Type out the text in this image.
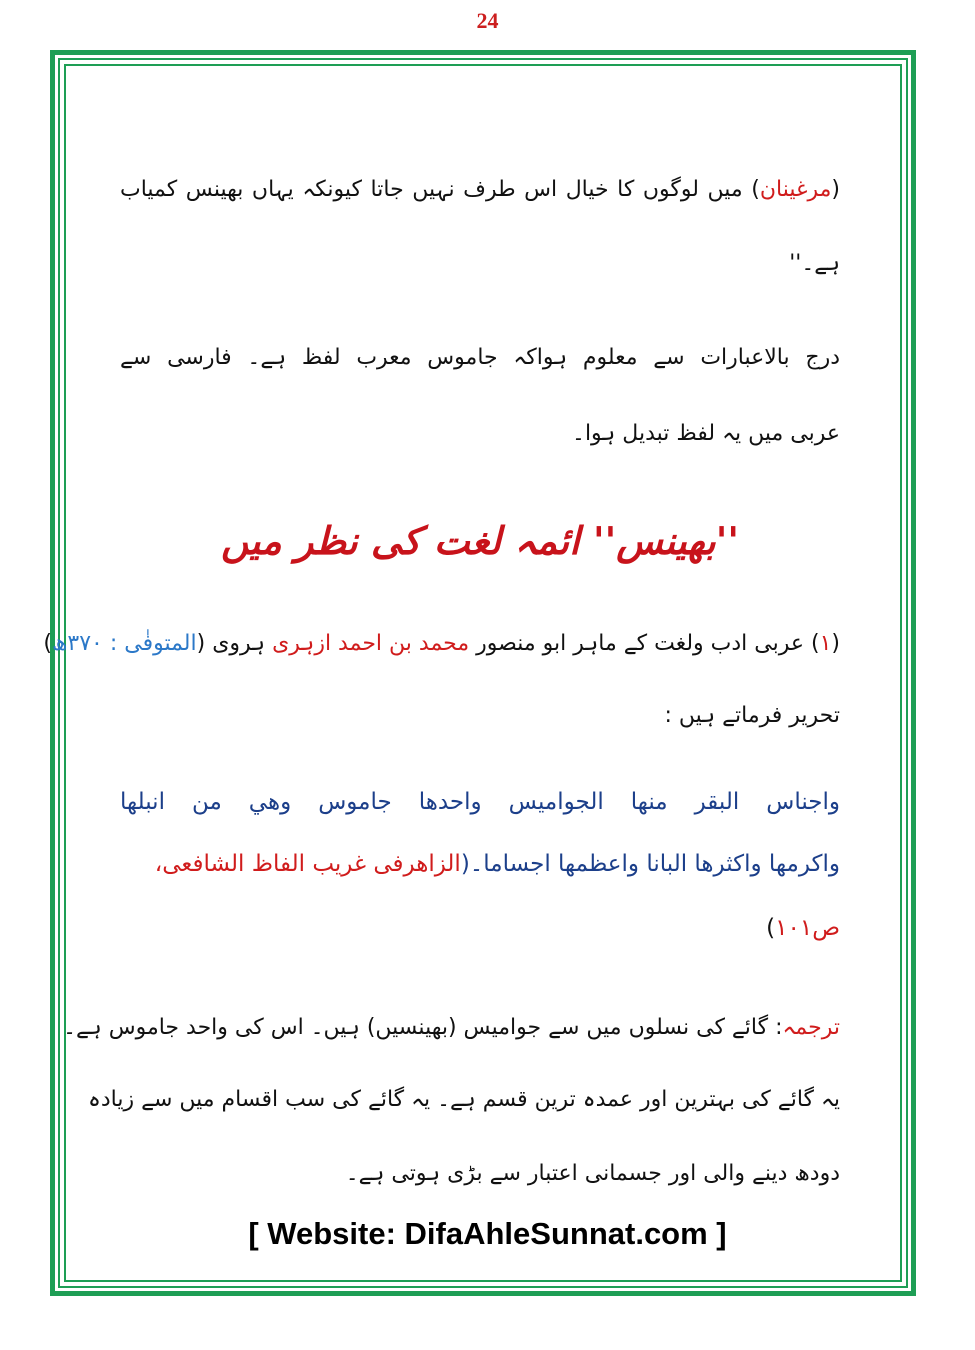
24
(مرغینان) میں لوگوں کا خیال اس طرف نہیں جاتا کیونکہ یہاں بھینس کمیاب
ہے۔''
درج بالاعبارات سے معلوم ہواکہ جاموس معرب لفظ ہے۔ فارسی سے
عربی میں یہ لفظ تبدیل ہوا۔
''بھینس'' ائمہ لغت کی نظر میں
(۱) عربی ادب ولغت کے ماہر ابو منصور محمد بن احمد ازہری ہروی (المتوفٰی : ۳۷۰ھ)
تحریر فرماتے ہیں :
واجناس البقر منها الجواميس واحدها جاموس وهي من انبلها
واكرمها واكثرها البانا واعظمها اجساما۔(الزاهرفی غریب الفاظ الشافعی،
ص۱۰۱)
ترجمہ: گائے کی نسلوں میں سے جوامیس (بھینسیں) ہیں۔ اس کی واحد جاموس ہے۔
یہ گائے کی بہترین اور عمدہ ترین قسم ہے۔ یہ گائے کی سب اقسام میں سے زیادہ
دودھ دینے والی اور جسمانی اعتبار سے بڑی ہوتی ہے۔
[ Website: DifaAhleSunnat.com ]
